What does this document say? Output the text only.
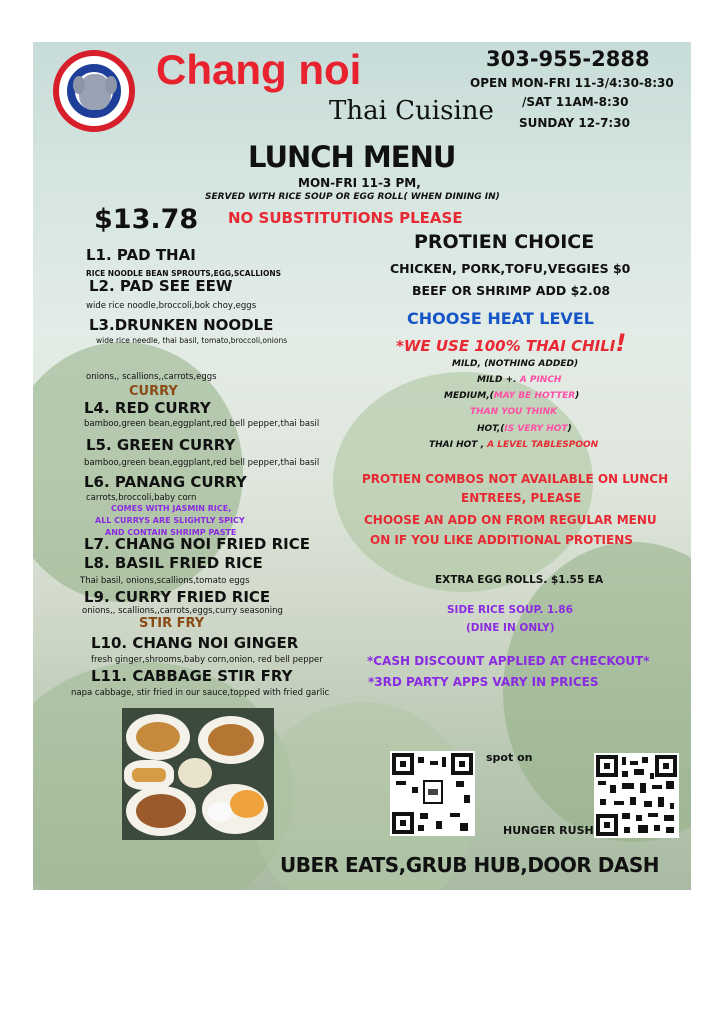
Chang noi
Thai Cuisine
303-955-2888
OPEN MON-FRI 11-3/4:30-8:30
/SAT 11AM-8:30
SUNDAY 12-7:30
LUNCH MENU
MON-FRI 11-3 PM,
SERVED WITH RICE SOUP OR EGG ROLL( WHEN DINING IN)
$13.78 NO SUBSTITUTIONS PLEASE
L1. PAD THAI
RICE NOODLE BEAN SPROUTS,EGG,SCALLIONS
L2. PAD SEE EEW
wide rice noodle,broccoli,bok choy,eggs
L3.DRUNKEN NOODLE
wide rice needle, thai basil, tomato,broccoli,onions
onions,, scallions,,carrots,eggs
CURRY
L4. RED CURRY
bamboo,green bean,eggplant,red bell pepper,thai basil
L5. GREEN CURRY
bamboo,green bean,eggplant,red bell pepper,thai basil
L6. PANANG CURRY
carrots,broccoli,baby corn
COMES WITH JASMIN RICE,
ALL CURRYS ARE SLIGHTLY SPICY
AND CONTAIN SHRIMP PASTE
L7. CHANG NOI FRIED RICE
L8. BASIL FRIED RICE
Thai basil, onions,scallions,tomato eggs
L9. CURRY FRIED RICE
onions,, scallions,,carrots,eggs,curry seasoning
STIR FRY
L10. CHANG NOI GINGER
fresh ginger,shrooms,baby corn,onion, red bell pepper
L11. CABBAGE STIR FRY
napa cabbage, stir fried in our sauce,topped with fried garlic
PROTIEN CHOICE
CHICKEN, PORK,TOFU,VEGGIES $0
BEEF OR SHRIMP ADD $2.08
CHOOSE HEAT LEVEL
*WE USE 100% THAI CHILI!
MILD, (NOTHING ADDED)
MILD +. A PINCH
MEDIUM,(MAY BE HOTTER)
THAN YOU THINK
HOT,(IS VERY HOT)
THAI HOT , A LEVEL TABLESPOON
PROTIEN COMBOS NOT AVAILABLE ON LUNCH
ENTREES, PLEASE
CHOOSE AN ADD ON FROM REGULAR MENU
ON IF YOU LIKE ADDITIONAL PROTIENS
EXTRA EGG ROLLS. $1.55 EA
SIDE RICE SOUP. 1.86
(DINE IN ONLY)
*CASH DISCOUNT APPLIED AT CHECKOUT*
*3RD PARTY APPS VARY IN PRICES
spot on
HUNGER RUSH
UBER EATS,GRUB HUB,DOOR DASH
